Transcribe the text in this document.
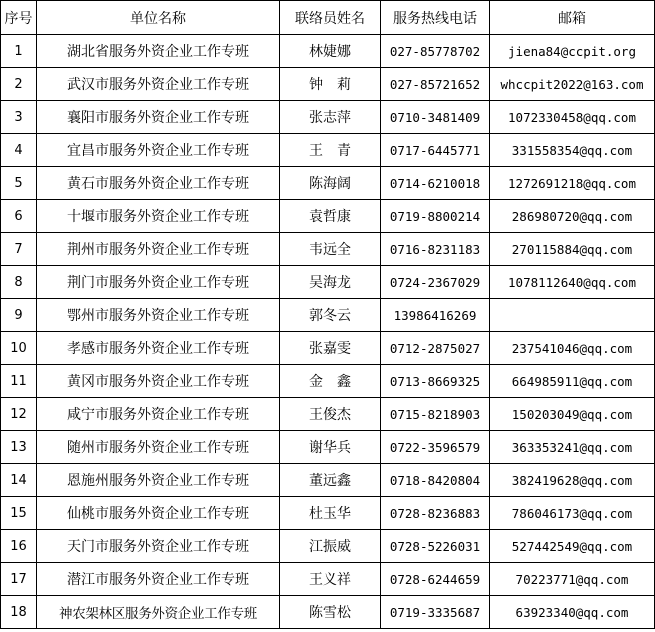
序号	单位名称	联络员姓名	服务热线电话	邮箱
1	湖北省服务外资企业工作专班	林婕娜	027-85778702	jiena84@ccpit.org
2	武汉市服务外资企业工作专班	钟　莉	027-85721652	whccpit2022@163.com
3	襄阳市服务外资企业工作专班	张志萍	0710-3481409	1072330458@qq.com
4	宜昌市服务外资企业工作专班	王　青	0717-6445771	331558354@qq.com
5	黄石市服务外资企业工作专班	陈海阔	0714-6210018	1272691218@qq.com
6	十堰市服务外资企业工作专班	袁哲康	0719-8800214	286980720@qq.com
7	荆州市服务外资企业工作专班	韦远全	0716-8231183	270115884@qq.com
8	荆门市服务外资企业工作专班	吴海龙	0724-2367029	1078112640@qq.com
9	鄂州市服务外资企业工作专班	郭冬云	13986416269	
10	孝感市服务外资企业工作专班	张嘉雯	0712-2875027	237541046@qq.com
11	黄冈市服务外资企业工作专班	金　鑫	0713-8669325	664985911@qq.com
12	咸宁市服务外资企业工作专班	王俊杰	0715-8218903	150203049@qq.com
13	随州市服务外资企业工作专班	谢华兵	0722-3596579	363353241@qq.com
14	恩施州服务外资企业工作专班	董远鑫	0718-8420804	382419628@qq.com
15	仙桃市服务外资企业工作专班	杜玉华	0728-8236883	786046173@qq.com
16	天门市服务外资企业工作专班	江振威	0728-5226031	527442549@qq.com
17	潜江市服务外资企业工作专班	王义祥	0728-6244659	70223771@qq.com
18	神农架林区服务外资企业工作专班	陈雪松	0719-3335687	63923340@qq.com
